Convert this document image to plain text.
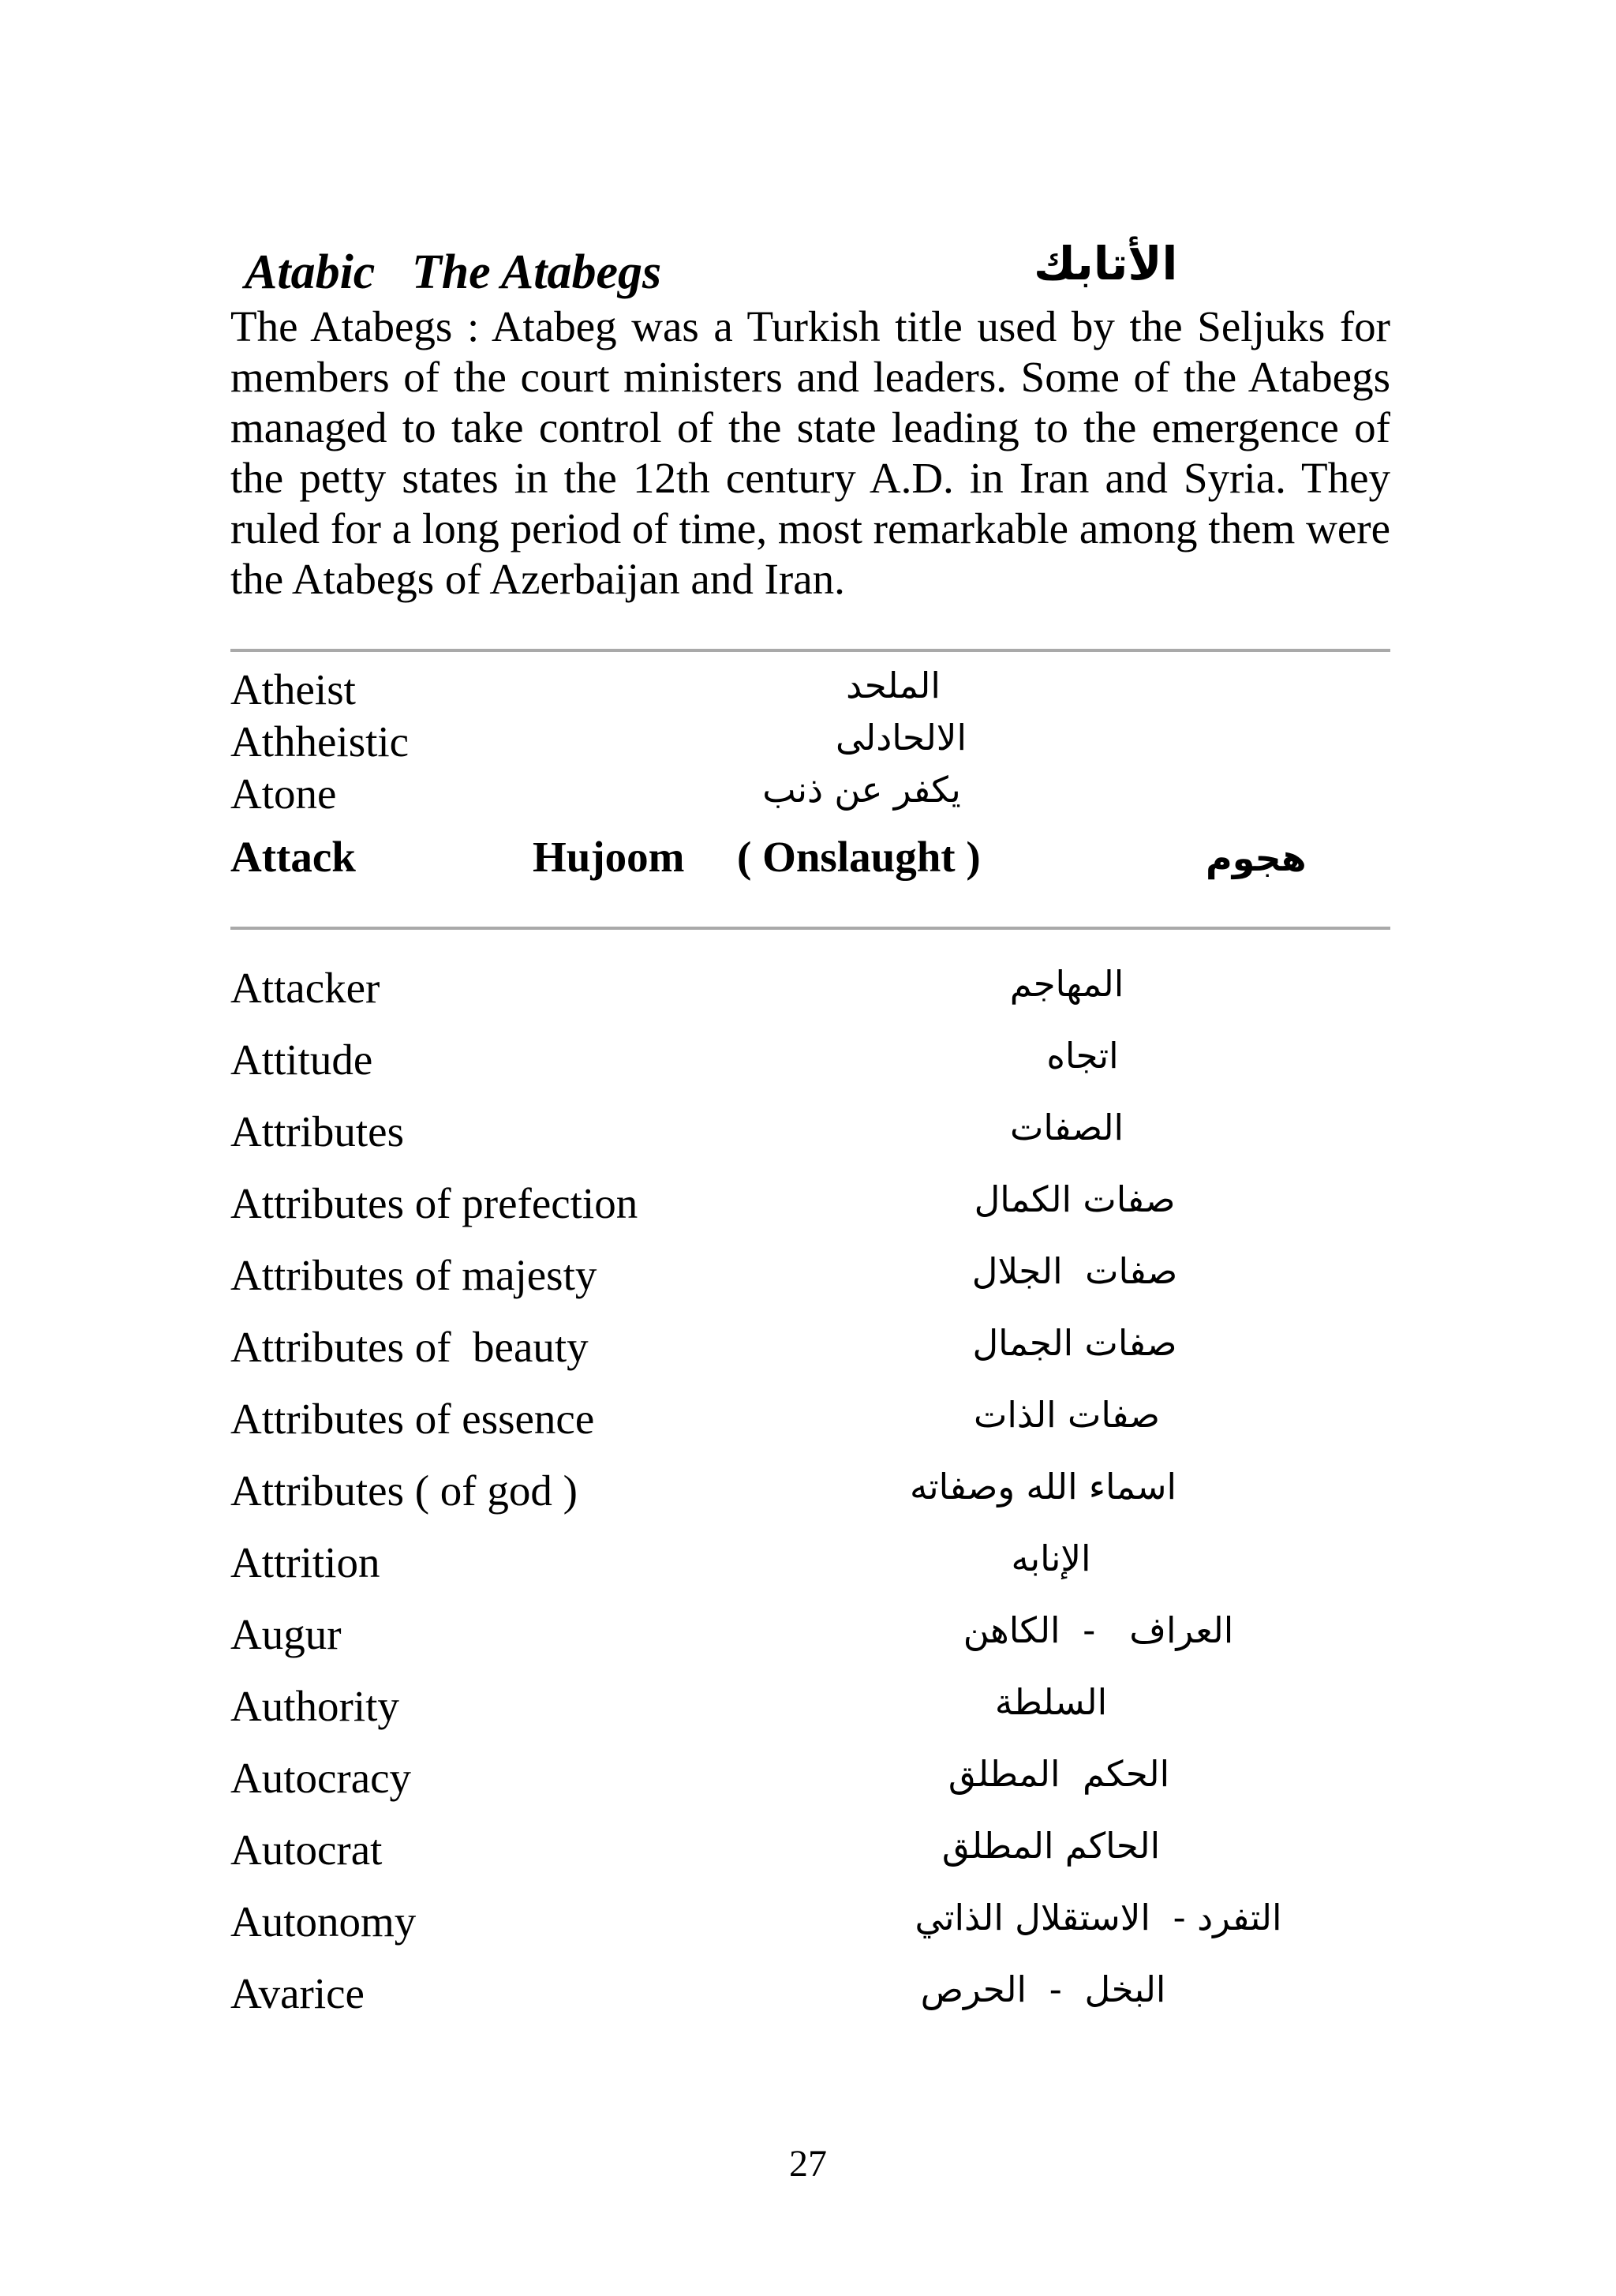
Atabic   The Atabegs	الأتابك
The Atabegs : Atabeg was a Turkish title used by the Seljuks for members of the court ministers and leaders. Some of the Atabegs managed to take control of the state leading to the emergence of the petty states in the 12th century A.D. in Iran and Syria. They ruled for a long period of time, most remarkable among them were the Atabegs of Azerbaijan and Iran.
Atheist	الملحد
Athheistic	الالحادلى
Atone	يكفر عن ذنب
Attack	Hujoom ( Onslaught )	هجوم
Attacker	المهاجم
Attitude	اتجاه
Attributes	الصفات
Attributes of prefection	صفات الكمال
Attributes of majesty	صفات  الجلال
Attributes of  beauty	صفات الجمال
Attributes of essence	صفات الذات
Attributes ( of god )	اسماء الله وصفاته
Attrition	الإنابه
Augur	العراف   -  الكاهن
Authority	السلطة
Autocracy	الحكم  المطلق
Autocrat	الحاكم المطلق
Autonomy	التفرد -  الاستقلال الذاتي
Avarice	البخل  -  الحرص
27
